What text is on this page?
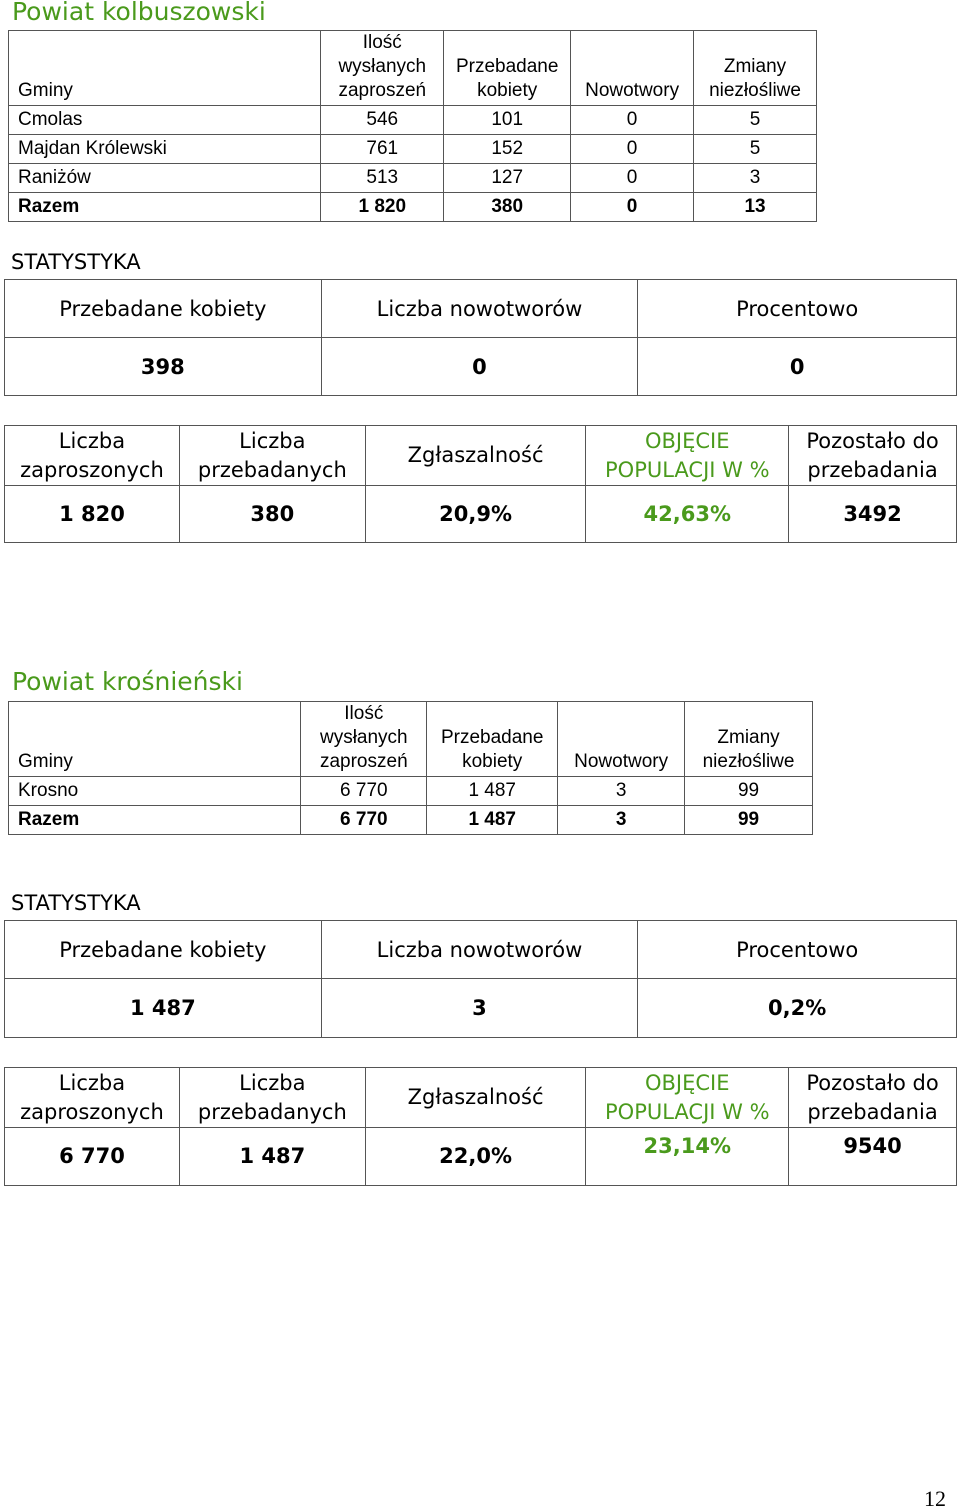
Powiat kolbuszowski
Gminy	Ilość
wysłanych
zaproszeń	Przebadane
kobiety	Nowotwory	Zmiany
niezłośliwe
Cmolas	546	101	0	5
Majdan Królewski	761	152	0	5
Raniżów	513	127	0	3
Razem	1 820	380	0	13
STATYSTYKA
Przebadane kobiety	Liczba nowotworów	Procentowo
398	0	0
Liczba
zaproszonych	Liczba
przebadanych	Zgłaszalność	OBJĘCIE
POPULACJI W %	Pozostało do
przebadania
1 820	380	20,9%	42,63%	3492
Powiat krośnieński
Gminy	Ilość
wysłanych
zaproszeń	Przebadane
kobiety	Nowotwory	Zmiany
niezłośliwe
Krosno	6 770	1 487	3	99
Razem	6 770	1 487	3	99
STATYSTYKA
Przebadane kobiety	Liczba nowotworów	Procentowo
1 487	3	0,2%
Liczba
zaproszonych	Liczba
przebadanych	Zgłaszalność	OBJĘCIE
POPULACJI W %	Pozostało do
przebadania
6 770	1 487	22,0%	23,14%	9540
12
